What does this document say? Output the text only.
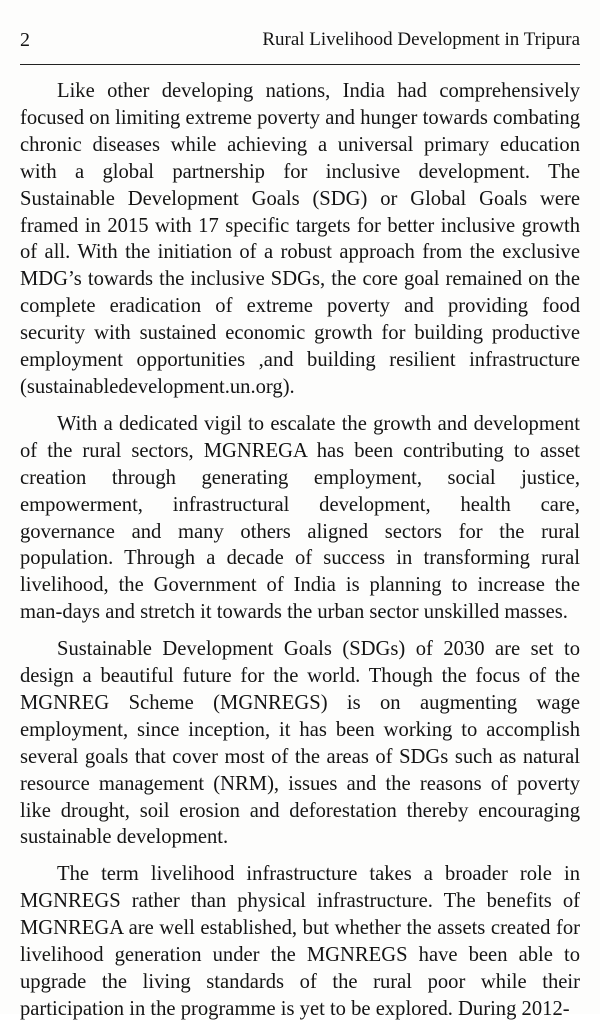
2	Rural Livelihood Development in Tripura

Like other developing nations, India had comprehensively focused on limiting extreme poverty and hunger towards combating chronic diseases while achieving a universal primary education with a global partnership for inclusive development. The Sustainable Development Goals (SDG) or Global Goals were framed in 2015 with 17 specific targets for better inclusive growth of all. With the initiation of a robust approach from the exclusive MDG’s towards the inclusive SDGs, the core goal remained on the complete eradication of extreme poverty and providing food security with sustained economic growth for building productive employment opportunities ,and building resilient infrastructure (sustainabledevelopment.un.org).

With a dedicated vigil to escalate the growth and development of the rural sectors, MGNREGA has been contributing to asset creation through generating employment, social justice, empowerment, infrastructural development, health care, governance and many others aligned sectors for the rural population. Through a decade of success in transforming rural livelihood, the Government of India is planning to increase the man-days and stretch it towards the urban sector unskilled masses.

Sustainable Development Goals (SDGs) of 2030 are set to design a beautiful future for the world. Though the focus of the MGNREG Scheme (MGNREGS) is on augmenting wage employment, since inception, it has been working to accomplish several goals that cover most of the areas of SDGs such as natural resource management (NRM), issues and the reasons of poverty like drought, soil erosion and deforestation thereby encouraging sustainable development.

The term livelihood infrastructure takes a broader role in MGNREGS rather than physical infrastructure. The benefits of MGNREGA are well established, but whether the assets created for livelihood generation under the MGNREGS have been able to upgrade the living standards of the rural poor while their participation in the programme is yet to be explored. During 2012-
